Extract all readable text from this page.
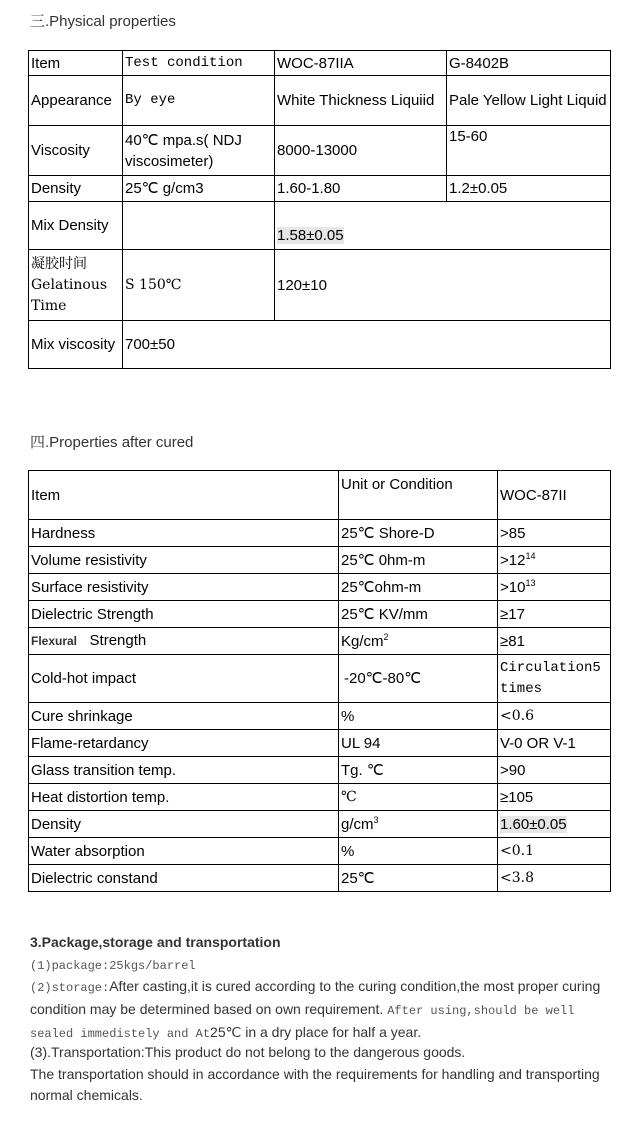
三.Physical properties
Item	Test condition	WOC-87IIA	G-8402B
Appearance	By eye	White Thickness Liquiid	Pale Yellow Light Liquid
Viscosity	40℃ mpa.s( NDJ viscosimeter)	8000-13000	15-60
Density	25℃ g/cm3	1.60-1.80	1.2±0.05
Mix Density		1.58±0.05	

凝胶时间
Gelatinous
Time	S 150℃	120±10	
Mix viscosity	700±50		
四.Properties after cured
Item	Unit or Condition	WOC-87II
Hardness	25℃ Shore-D	>85
Volume resistivity	25℃ 0hm-m	$>12^{14}$
Surface resistivity	25℃ohm-m	$>10^{13}$
Dielectric Strength	25℃ KV/mm	≥17
Flexural Strength	$Kg/cm^2$	≥81
Cold-hot impact	-20℃-80℃	Circulation5 times
Cure shrinkage	%	<0.6
Flame-retardancy	UL 94	V-0 OR V-1
Glass transition temp.	Tg. ℃	>90
Heat distortion temp.	℃	≥105
Density	$g/cm^3$	1.60±0.05
Water absorption	%	<0.1
Dielectric constand	25℃	<3.8
3.Package,storage and transportation
(1)package:25kgs/barrel
(2)storage:After casting,it is cured according to the curing condition,the most proper curing condition may be determined based on own requirement. After using,should be well sealed immedistely and At25℃ in a dry place for half a year.
(3).Transportation:This product do not belong to the dangerous goods.
The transportation should in accordance with the requirements for handling and transporting normal chemicals.
